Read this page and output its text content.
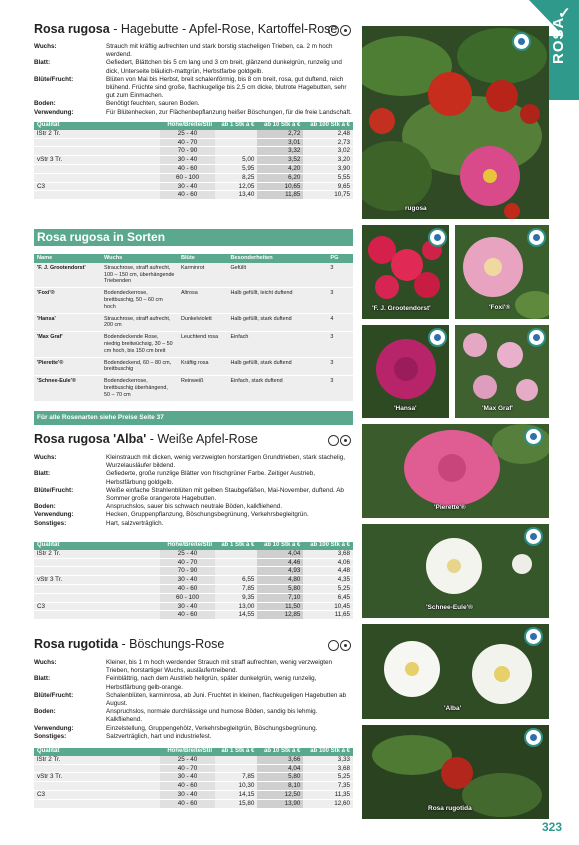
✓
Rosa rugosa - Hagebutte - Apfel-Rose, Kartoffel-Rose
Wuchs:	Strauch mit kräftig aufrechten und stark borstig stacheligen Trieben, ca. 2 m hoch werdend.
Blatt:	Gefiedert, Blättchen bis 5 cm lang und 3 cm breit, glänzend dunkelgrün, runzelig und dick, Unterseite bläulich-mattgrün, Herbstfarbe goldgelb.
Blüte/Frucht:	Blüten von Mai bis Herbst, breit schalenförmig, bis 8 cm breit, rosa, gut duftend, reich blühend. Früchte sind große, flachkugelige bis 2,5 cm dicke, blutrote Hagebutten, sehr gut zum Einmachen.
Boden:	Benötigt feuchten, sauren Boden.
Verwendung:	Für Blütenhecken, zur Flächenbepflanzung heißer Böschungen, für die freie Landschaft.
Qualität	Höhe/Breite/Stil	ab 1 Stk à €	ab 10 Stk à €	ab 100 Stk à €
lStr 2 Tr.	25 - 40		2,72	2,48
	40 - 70		3,01	2,73
	70 - 90		3,32	3,02
vStr 3 Tr.	30 - 40	5,00	3,52	3,20
	40 - 60	5,95	4,20	3,90
	60 - 100	8,25	6,20	5,55
C3	30 - 40	12,05	10,65	9,65
	40 - 60	13,40	11,85	10,75
Rosa rugosa in Sorten
Name	Wuchs	Blüte	Besonderheiten	PG
'F. J. Grootendorst'	Strauchrose, straff aufrecht, 100 – 150 cm, überhängende Triebenden	Karminrot	Gefüllt	3
'Foxi'®	Bodendeckerrose, breitbuschig, 50 – 60 cm hoch	Altrosa	Halb gefüllt, leicht duftend	3
'Hansa'	Strauchrose, straff aufrecht, 200 cm	Dunkelviolett	Halb gefüllt, stark duftend	4
'Max Graf'	Bodendeckende Rose, niedrig breitwüchsig, 30 – 50 cm hoch, bis 150 cm breit	Leuchtend rosa	Einfach	3
'Pierette'®	Bodendeckend, 60 – 80 cm, breitbuschig	Kräftig rosa	Halb gefüllt, stark duftend	3
'Schnee-Eule'®	Bodendeckerrose, breitbuschig überhängend, 50 – 70 cm	Reinweiß	Einfach, stark duftend	3
Für alle Rosenarten siehe Preise Seite 37
Rosa rugosa 'Alba' - Weiße Apfel-Rose
Wuchs:	Kleinstrauch mit dicken, wenig verzweigten horstartigen Grundtrieben, stark stachelig, Wurzelausläufer bildend.
Blatt:	Gefiederte, große runzlige Blätter von frischgrüner Farbe. Zeitiger Austrieb, Herbstfärbung goldgelb.
Blüte/Frucht:	Weiße einfache Strahlenblüten mit gelben Staubgefäßen, Mai-November, duftend. Ab Sommer große orangerote Hagebutten.
Boden:	Anspruchslos, sauer bis schwach neutrale Böden, kalkfliehend.
Verwendung:	Hecken, Gruppenpflanzung, Böschungsbegrünung, Verkehrsbegleitgrün.
Sonstiges:	Hart, salzverträglich.
Qualität	Höhe/Breite/Stil	ab 1 Stk à €	ab 10 Stk à €	ab 100 Stk à €
lStr 2 Tr.	25 - 40		4,04	3,68
	40 - 70		4,46	4,06
	70 - 90		4,93	4,48
vStr 3 Tr.	30 - 40	6,55	4,80	4,35
	40 - 60	7,85	5,80	5,25
	60 - 100	9,35	7,10	6,45
C3	30 - 40	13,00	11,50	10,45
	40 - 60	14,55	12,85	11,65
Rosa rugotida - Böschungs-Rose
Wuchs:	Kleiner, bis 1 m hoch werdender Strauch mit straff aufrechten, wenig verzweigten Trieben, horstartiger Wuchs, ausläufertreibend.
Blatt:	Feinblättrig, nach dem Austrieb hellgrün, später dunkelgrün, wenig runzelig, Herbstfärbung gelb-orange.
Blüte/Frucht:	Schalenblüten, karminrosa, ab Juni. Fruchtet in kleinen, flachkugeligen Hagebutten ab August.
Boden:	Anspruchslos, normale durchlässige und humose Böden, sandig bis lehmig. Kalkfliehend.
Verwendung:	Einzelstellung, Gruppengehölz, Verkehrsbegleitgrün, Böschungsbegrünung.
Sonstiges:	Salzverträglich, hart und industriefest.
Qualität	Höhe/Breite/Stil	ab 1 Stk à €	ab 10 Stk à €	ab 100 Stk à €
lStr 2 Tr.	25 - 40		3,66	3,33
	40 - 70		4,04	3,68
vStr 3 Tr.	30 - 40	7,85	5,80	5,25
	40 - 60	10,30	8,10	7,35
C3	30 - 40	14,15	12,50	11,35
	40 - 60	15,80	13,90	12,60
rugosa
'F. J. Grootendorst'	'Foxi'®
'Hansa'	'Max Graf'
'Pierette'®
'Schnee-Eule'®
'Alba'
Rosa rugotida
323
